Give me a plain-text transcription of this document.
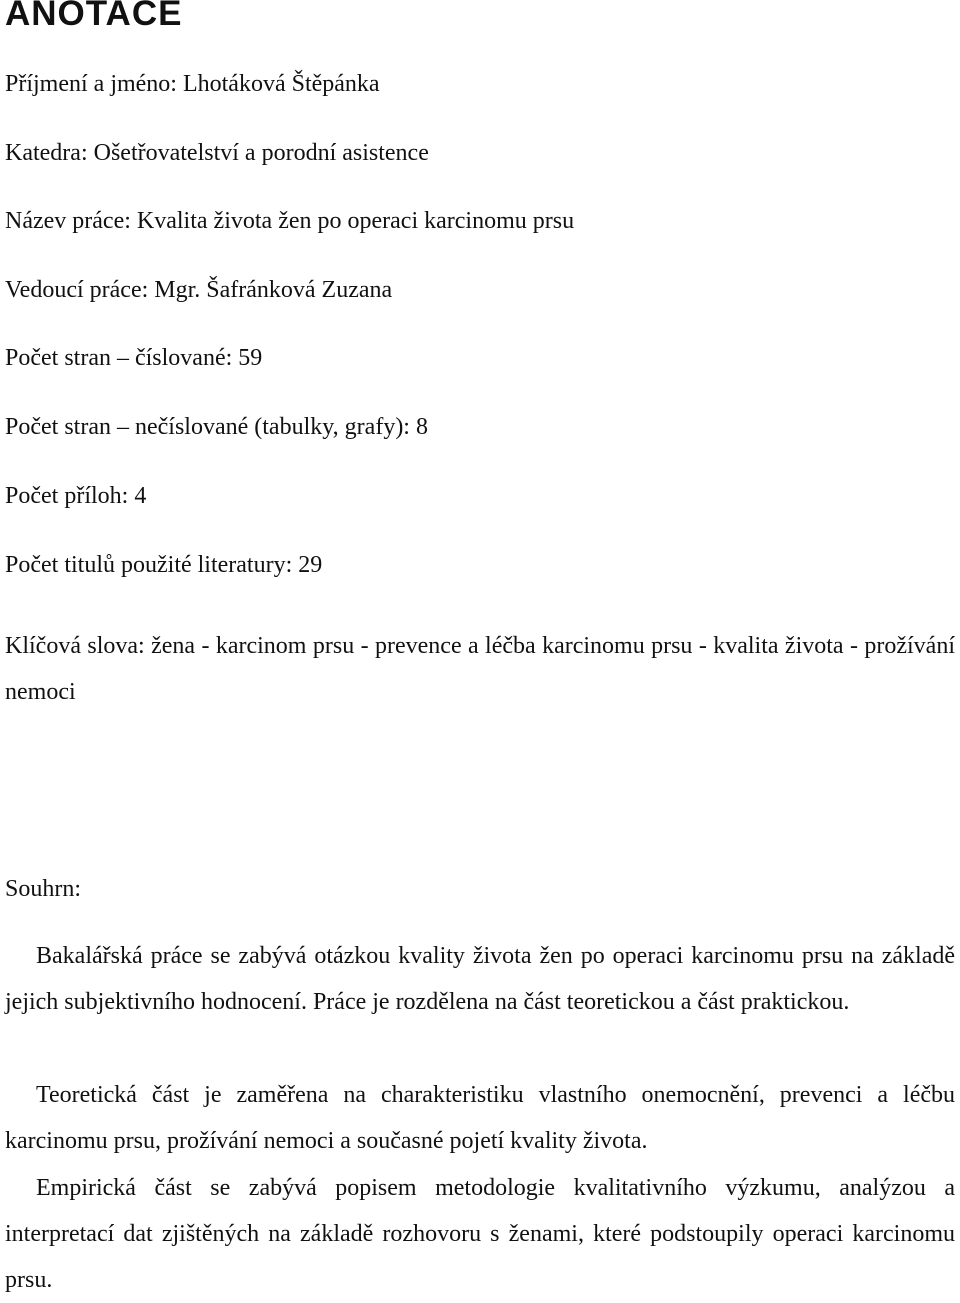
ANOTACE

Příjmení a jméno: Lhotáková Štěpánka

Katedra: Ošetřovatelství a porodní asistence

Název práce: Kvalita života žen po operaci karcinomu prsu

Vedoucí práce: Mgr. Šafránková Zuzana

Počet stran – číslované: 59

Počet stran – nečíslované (tabulky, grafy): 8

Počet příloh: 4

Počet titulů použité literatury: 29

Klíčová slova: žena - karcinom prsu - prevence a léčba karcinomu prsu - kvalita života - prožívání nemoci

Souhrn:

Bakalářská práce se zabývá otázkou kvality života žen po operaci karcinomu prsu na základě jejich subjektivního hodnocení. Práce je rozdělena na část teoretickou a část praktickou.

Teoretická část je zaměřena na charakteristiku vlastního onemocnění, prevenci a léčbu karcinomu prsu, prožívání nemoci a současné pojetí kvality života.

Empirická část se zabývá popisem metodologie kvalitativního výzkumu, analýzou a interpretací dat zjištěných na základě rozhovoru s ženami, které podstoupily operaci karcinomu prsu.
